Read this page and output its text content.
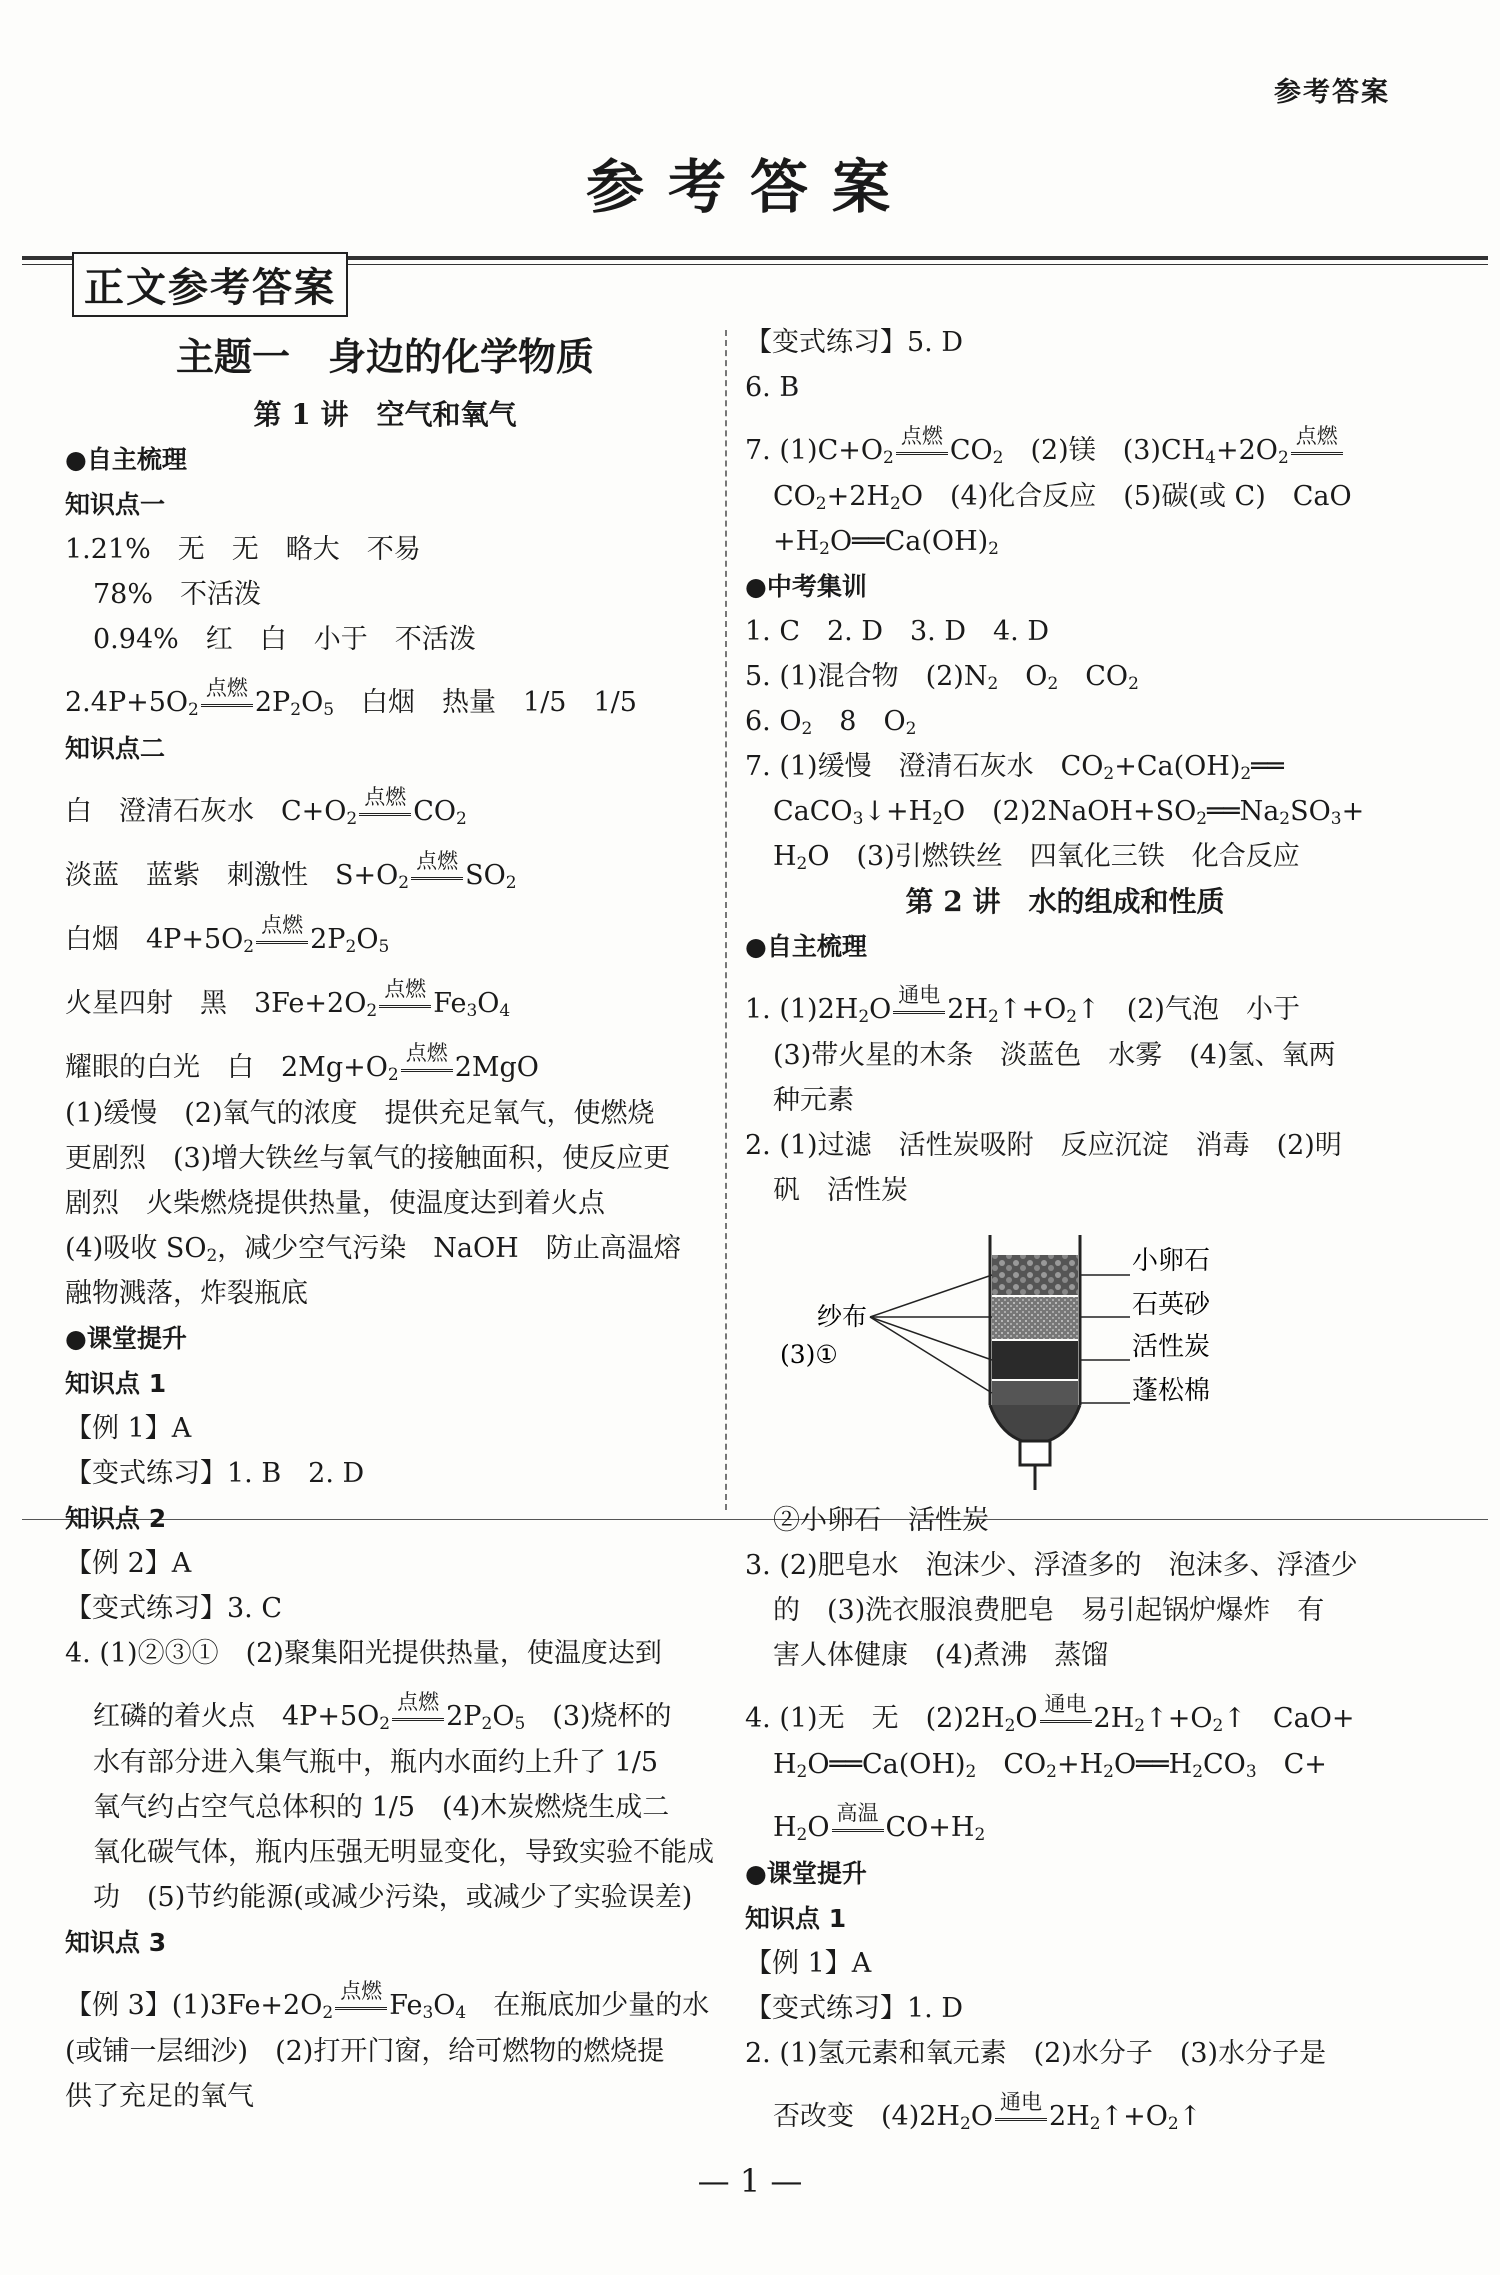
参考答案
参考答案
正文参考答案
主题一　身边的化学物质
第 1 讲　空气和氧气
●自主梳理
知识点一
1.21%　无　无　略大　不易
78%　不活泼
0.94%　红　白　小于　不活泼
$2.4P+5O_2$
点燃 $2P_2O_5$　白烟　热量　1/5　1/5
知识点二
白　澄清石灰水　$C+O_2$
点燃 $CO_2$
淡蓝　蓝紫　刺激性　$S+O_2$
点燃 $SO_2$
白烟　$4P+5O_2$
点燃 $2P_2O_5$
火星四射　黑　$3Fe+2O_2$
点燃 $Fe_3O_4$
耀眼的白光　白　$2Mg+O_2$
点燃 2MgO
(1)缓慢　(2)氧气的浓度　提供充足氧气，使燃烧
更剧烈　(3)增大铁丝与氧气的接触面积，使反应更
剧烈　火柴燃烧提供热量，使温度达到着火点
(4)吸收 $SO_2$，减少空气污染　NaOH　防止高温熔
融物溅落，炸裂瓶底
●课堂提升
知识点 1
【例 1】A
【变式练习】1. B　2. D
知识点 2
【例 2】A
【变式练习】3. C
4. (1)②③①　(2)聚集阳光提供热量，使温度达到
红磷的着火点　$4P+5O_2$
点燃 $2P_2O_5$　(3)烧杯的
水有部分进入集气瓶中，瓶内水面约上升了 1/5
氧气约占空气总体积的 1/5　(4)木炭燃烧生成二
氧化碳气体，瓶内压强无明显变化，导致实验不能成
功　(5)节约能源(或减少污染，或减少了实验误差)
知识点 3
【例 3】$(1)3Fe+2O_2$
点燃 $Fe_3O_4$　在瓶底加少量的水
(或铺一层细沙)　(2)打开门窗，给可燃物的燃烧提
供了充足的氧气
【变式练习】5. D
6. B
7. $(1)C+O_2$
点燃 $CO_2$　(2)镁　$(3)CH_4+2O_2$
点燃
$CO_2+2H_2O$　(4)化合反应　(5)碳(或 C)　CaO
$+H_2O══Ca(OH)_2$
●中考集训
1. C　2. D　3. D　4. D
5. (1)混合物　$(2)N_2$　$O_2$　$CO_2$
6. $O_2$　8　$O_2$
7. (1)缓慢　澄清石灰水　$CO_2+Ca(OH)_2══$
$CaCO_3↓+H_2O$　$(2)2NaOH+SO_2══Na_2SO_3+$
$H_2O$　(3)引燃铁丝　四氧化三铁　化合反应
第 2 讲　水的组成和性质
●自主梳理
1. $(1)2H_2O$ 通电 $2H_2↑+O_2↑$　(2)气泡　小于
(3)带火星的木条　淡蓝色　水雾　(4)氢、氧两
种元素
2. (1)过滤　活性炭吸附　反应沉淀　消毒　(2)明
矾　活性炭
纱布
(3)①
小卵石
石英砂
活性炭
蓬松棉
②小卵石　活性炭
3. (2)肥皂水　泡沫少、浮渣多的　泡沫多、浮渣少
的　(3)洗衣服浪费肥皂　易引起锅炉爆炸　有
害人体健康　(4)煮沸　蒸馏
4. (1)无　无　$(2)2H_2O$ 通电 $2H_2↑+O_2↑$　CaO+
$H_2O══Ca(OH)_2$　$CO_2+H_2O══H_2CO_3$　C+
$H_2O$ 高温 $CO+H_2$
●课堂提升
知识点 1
【例 1】A
【变式练习】1. D
2. (1)氢元素和氧元素　(2)水分子　(3)水分子是
否改变　$(4)2H_2O$ 通电 $2H_2↑+O_2↑$
— 1 —
